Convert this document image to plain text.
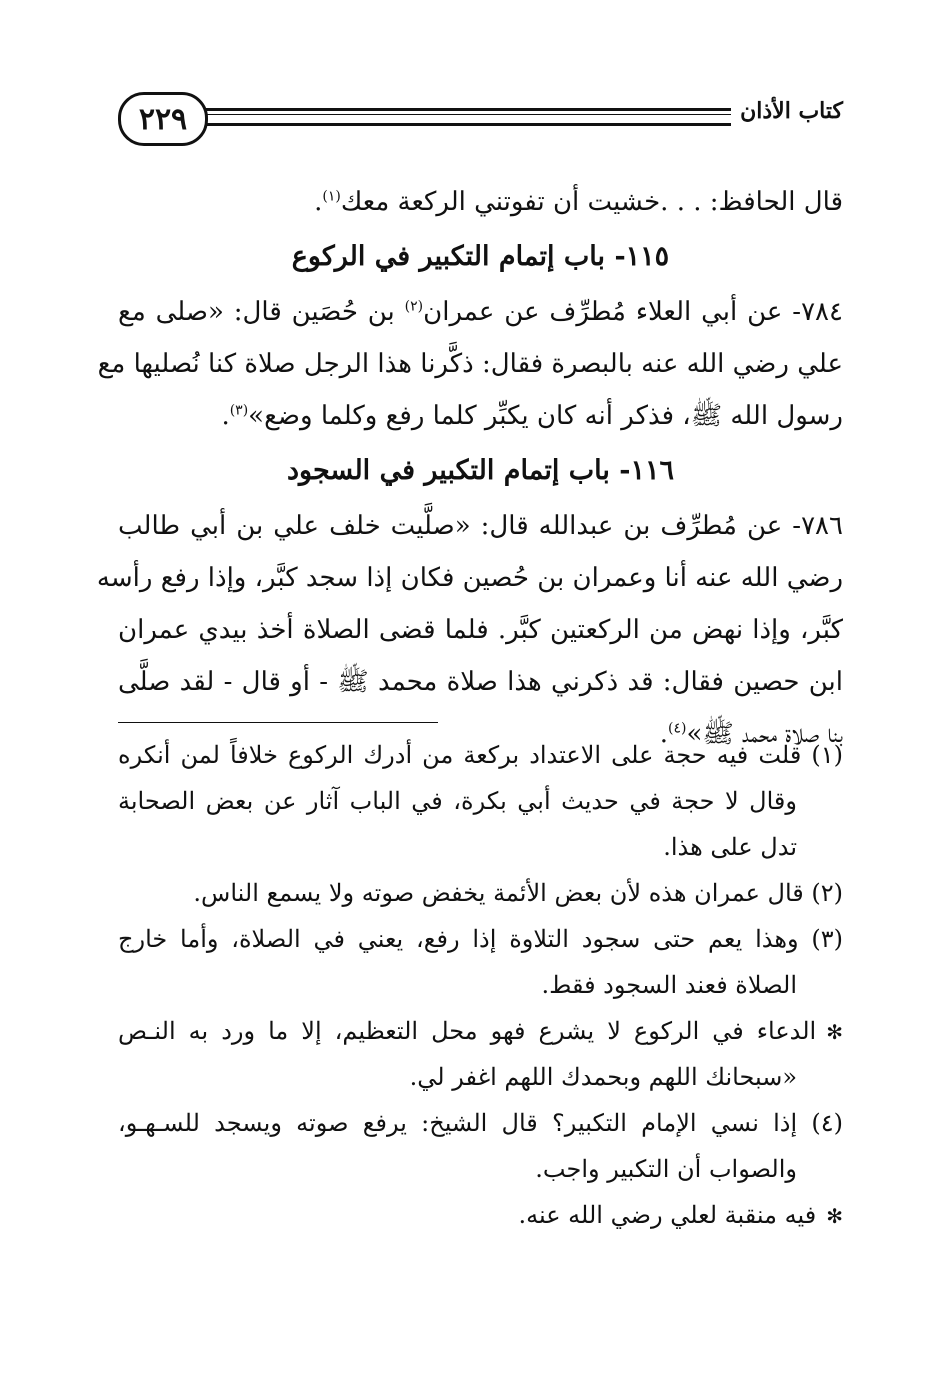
٢٢٩	كتاب الأذان
قال الحافظ: . . .خشيت أن تفوتني الركعة معك$^{(١)}$.
١١٥- باب إتمام التكبير في الركوع
٧٨٤- عن أبي العلاء مُطرِّف عن عمران$^{(٢)}$ بن حُصَين قال: «صلى مع
علي رضي الله عنه بالبصرة فقال: ذكَّرنا هذا الرجل صلاة كنا نُصليها مع
رسول الله ﷺ، فذكر أنه كان يكبِّر كلما رفع وكلما وضع»$^{(٣)}$.
١١٦- باب إتمام التكبير في السجود
٧٨٦- عن مُطرِّف بن عبدالله قال: «صلَّيت خلف علي بن أبي طالب
رضي الله عنه أنا وعمران بن حُصين فكان إذا سجد كبَّر، وإذا رفع رأسه
كبَّر، وإذا نهض من الركعتين كبَّر. فلما قضى الصلاة أخذ بيدي عمران
ابن حصين فقال: قد ذكرني هذا صلاة محمد ﷺ - أو قال - لقد صلَّى
بنا صلاة محمد ﷺ»$^{(٤)}$.
(١) قلت فيه حجة على الاعتداد بركعة من أدرك الركوع خلافاً لمن أنكره
وقال لا حجة في حديث أبي بكرة، في الباب آثار عن بعض الصحابة
تدل على هذا.
(٢) قال عمران هذه لأن بعض الأئمة يخفض صوته ولا يسمع الناس.
(٣) وهذا يعم حتى سجود التلاوة إذا رفع، يعني في الصلاة، وأما خارج
الصلاة فعند السجود فقط.
✻الدعاء في الركوع لا يشرع فهو محل التعظيم، إلا ما ورد به النـص
«سبحانك اللهم وبحمدك اللهم اغفر لي.
(٤) إذا نسي الإمام التكبير؟ قال الشيخ: يرفع صوته ويسجد للسـهـو،
والصواب أن التكبير واجب.
✻فيه منقبة لعلي رضي الله عنه.
